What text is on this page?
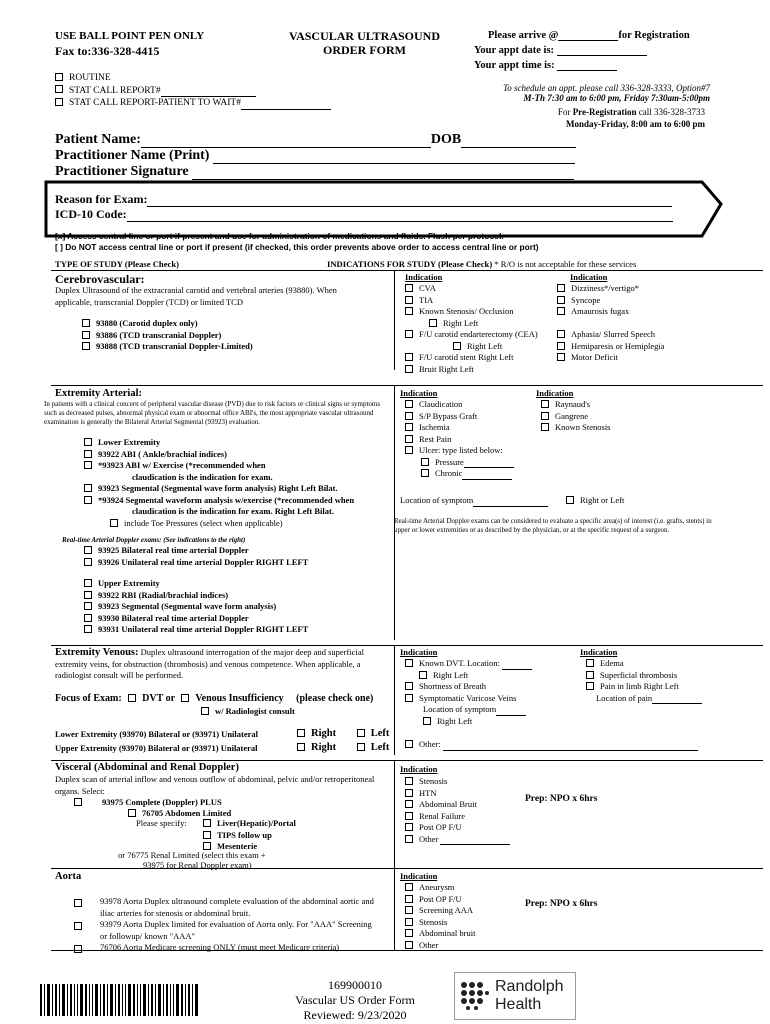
USE BALL POINT PEN ONLY
Fax to:336-328-4415
VASCULAR ULTRASOUND
ORDER FORM
Please arrive @	for Registration
Your appt date is:
Your appt time is:
ROUTINE
STAT CALL REPORT#
STAT CALL REPORT-PATIENT TO WAIT#
To schedule an appt. please call 336-328-3333, Option#7
M-Th 7:30 am to 6:00 pm, Friday 7:30am-5:00pm
For Pre-Registration call 336-328-3733
Monday-Friday, 8:00 am to 6:00 pm
Patient Name:	DOB
Practitioner Name (Print)
Practitioner Signature
Reason for Exam:
ICD-10 Code:
[x] Access central line or port if present and use for administration of medications and fluids. Flush per protocol.
[ ] Do NOT access central line or port if present (if checked, this order prevents above order to access central line or port)
TYPE OF STUDY (Please Check)	INDICATIONS FOR STUDY (Please Check) * R/O is not acceptable for these services
Cerebrovascular:
Duplex Ultrasound of the extracranial carotid and vertebral arteries (93880). When applicable, transcranial Doppler (TCD) or limited TCD
93880 (Carotid duplex only)
93886 (TCD transcranial Doppler)
93888 (TCD transcranial Doppler-Limited)
Indication	Indication
CVA
TIA
Known Stenosis/ Occlusion
Right Left
F/U carotid endarterectomy (CEA)
Right Left
F/U carotid stent Right Left
Bruit Right Left
Dizziness*/vertigo*
Syncope
Amaurosis fugax
Aphasia/ Slurred Speech
Hemiparesis or Hemiplegia
Motor Deficit
Extremity Arterial:
In patients with a clinical concern of peripheral vascular disease (PVD) due to risk factors or clinical signs or symptoms such as decreased pulses, abnormal physical exam or abnormal office ABI's, the most appropriate vascular ultrasound examination is generally the Bilateral Arterial Segmental (93923) evaluation.
Lower Extremity
93922 ABI ( Ankle/brachial indices)
*93923 ABI w/ Exercise (*recommended when
claudication is the indication for exam.
93923 Segmental (Segmental wave form analysis) Right Left Bilat.
*93924 Segmental waveform analysis w/exercise (*recommended when
claudication is the indication for exam. Right Left Bilat.
include Toe Pressures (select when applicable)
Real-time Arterial Doppler exams: (See indications to the right)
93925 Bilateral real time arterial Doppler
93926 Unilateral real time arterial Doppler RIGHT LEFT
Upper Extremity
93922 RBI (Radial/brachial indices)
93923 Segmental (Segmental wave form analysis)
93930 Bilateral real time arterial Doppler
93931 Unilateral real time arterial Doppler RIGHT LEFT
Indication	Indication
Claudication
S/P Bypass Graft
Ischemia
Rest Pain
Ulcer: type listed below:
Pressure
Chronic
Raynaud's
Gangrene
Known Stenosis
Location of symptom	Right or Left
Real-time Arterial Doppler exams can be considered to evaluate a specific area(s) of interest (i.e. grafts, stents) in upper or lower extremities or as described by the physician, or at the specific request of a surgeon.
Extremity Venous: Duplex ultrasound interrogation of the major deep and superficial extremity veins, for obstruction (thrombosis) and venous competence. When applicable, a radiologist consult will be performed.
Focus of Exam: DVT or Venous Insufficiency (please check one)
w/ Radiologist consult
Lower Extremity (93970) Bilateral or (93971) Unilateral	Right	Left
Upper Extremity (93970) Bilateral or (93971) Unilateral	Right	Left
Indication	Indication
Known DVT. Location:
Right Left
Shortness of Breath
Symptomatic Varicose Veins
Location of symptom
Right Left
Edema
Superficial thrombosis
Pain in limb Right Left
Location of pain
Other:
Visceral (Abdominal and Renal Doppler)
Duplex scan of arterial inflow and venous outflow of abdominal, pelvic and/or retroperitoneal organs. Select:
93975 Complete (Doppler) PLUS
76705 Abdomen Limited
Please specify:	Liver(Hepatic)/Portal
TIPS follow up
Mesenterie
or 76775 Renal Limited (select this exam +
93975 for Renal Doppler exam)
Indication
Stenosis
HTN
Abdominal Bruit
Renal Failure
Post OP F/U
Other
Prep: NPO x 6hrs
Aorta
93978 Aorta Duplex ultrasound complete evaluation of the abdominal aortic and iliac arteries for stenosis or abdominal bruit.
93979 Aorta Duplex limited for evaluation of Aorta only. For "AAA" Screening or followup/ known "AAA"
76706 Aorta Medicare screening ONLY (must meet Medicare criteria)
Indication
Aneurysm
Post OP F/U
Screening AAA
Stenosis
Abdominal bruit
Other
Prep: NPO x 6hrs
169900010
Vascular US Order Form
Reviewed: 9/23/2020
Randolph
Health
